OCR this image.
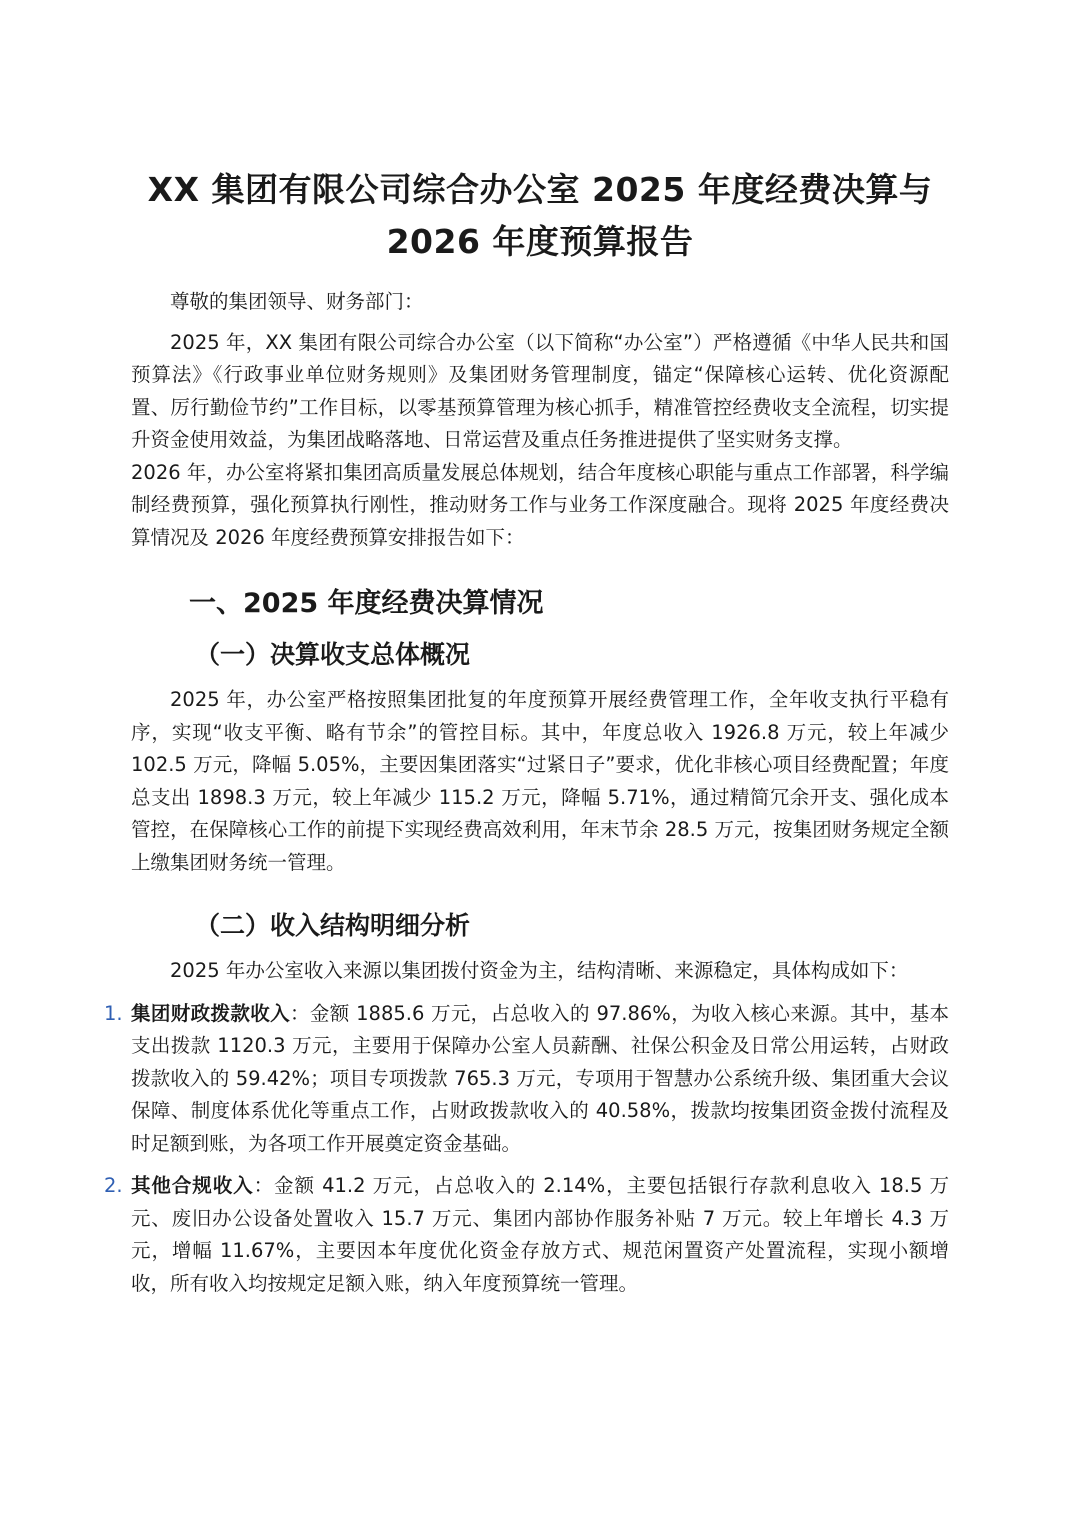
XX 集团有限公司综合办公室 2025 年度经费决算与 2026 年度预算报告

尊敬的集团领导、财务部门：

2025 年，XX 集团有限公司综合办公室（以下简称“办公室”）严格遵循《中华人民共和国预算法》《行政事业单位财务规则》及集团财务管理制度，锚定“保障核心运转、优化资源配置、厉行勤俭节约”工作目标，以零基预算管理为核心抓手，精准管控经费收支全流程，切实提升资金使用效益，为集团战略落地、日常运营及重点任务推进提供了坚实财务支撑。

2026 年，办公室将紧扣集团高质量发展总体规划，结合年度核心职能与重点工作部署，科学编制经费预算，强化预算执行刚性，推动财务工作与业务工作深度融合。现将 2025 年度经费决算情况及 2026 年度经费预算安排报告如下：

一、2025 年度经费决算情况
（一）决算收支总体概况

2025 年，办公室严格按照集团批复的年度预算开展经费管理工作，全年收支执行平稳有序，实现“收支平衡、略有节余”的管控目标。其中，年度总收入 1926.8 万元，较上年减少 102.5 万元，降幅 5.05%，主要因集团落实“过紧日子”要求，优化非核心项目经费配置；年度总支出 1898.3 万元，较上年减少 115.2 万元，降幅 5.71%，通过精简冗余开支、强化成本管控，在保障核心工作的前提下实现经费高效利用，年末节余 28.5 万元，按集团财务规定全额上缴集团财务统一管理。

（二）收入结构明细分析

2025 年办公室收入来源以集团拨付资金为主，结构清晰、来源稳定，具体构成如下：

1. 集团财政拨款收入：金额 1885.6 万元，占总收入的 97.86%，为收入核心来源。其中，基本支出拨款 1120.3 万元，主要用于保障办公室人员薪酬、社保公积金及日常公用运转，占财政拨款收入的 59.42%；项目专项拨款 765.3 万元，专项用于智慧办公系统升级、集团重大会议保障、制度体系优化等重点工作，占财政拨款收入的 40.58%，拨款均按集团资金拨付流程及时足额到账，为各项工作开展奠定资金基础。
2. 其他合规收入：金额 41.2 万元，占总收入的 2.14%，主要包括银行存款利息收入 18.5 万元、废旧办公设备处置收入 15.7 万元、集团内部协作服务补贴 7 万元。较上年增长 4.3 万元，增幅 11.67%，主要因本年度优化资金存放方式、规范闲置资产处置流程，实现小额增收，所有收入均按规定足额入账，纳入年度预算统一管理。
